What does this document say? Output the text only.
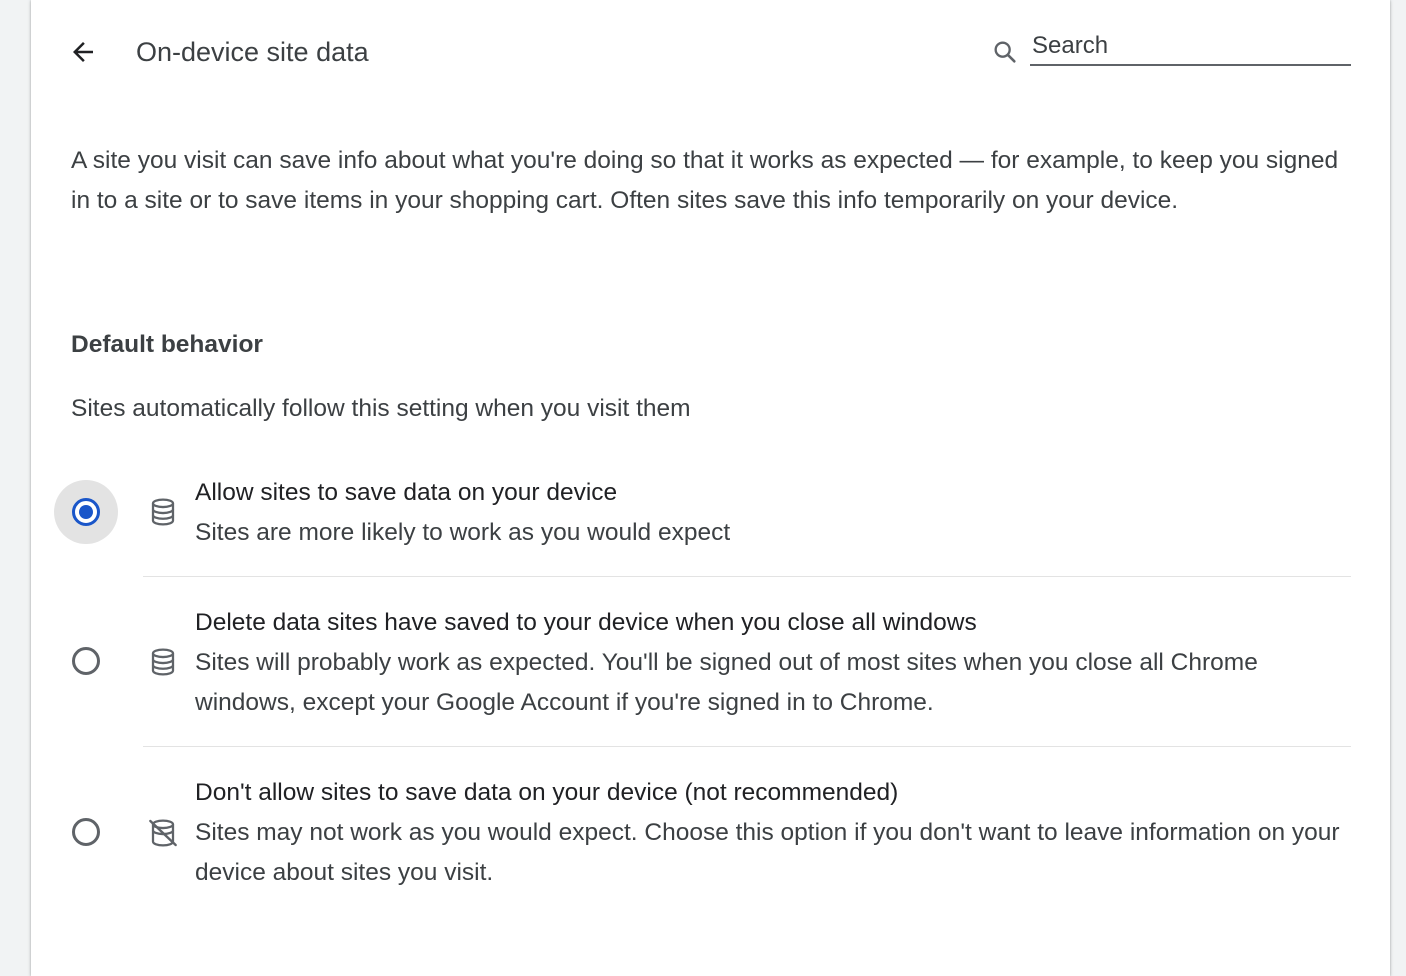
On-device site data
Search

A site you visit can save info about what you're doing so that it works as expected — for example, to keep you signed in to a site or to save items in your shopping cart. Often sites save this info temporarily on your device.

Default behavior
Sites automatically follow this setting when you visit them
Allow sites to save data on your device
Sites are more likely to work as you would expect
Delete data sites have saved to your device when you close all windows
Sites will probably work as expected. You'll be signed out of most sites when you close all Chrome windows, except your Google Account if you're signed in to Chrome.
Don't allow sites to save data on your device (not recommended)
Sites may not work as you would expect. Choose this option if you don't want to leave information on your device about sites you visit.
